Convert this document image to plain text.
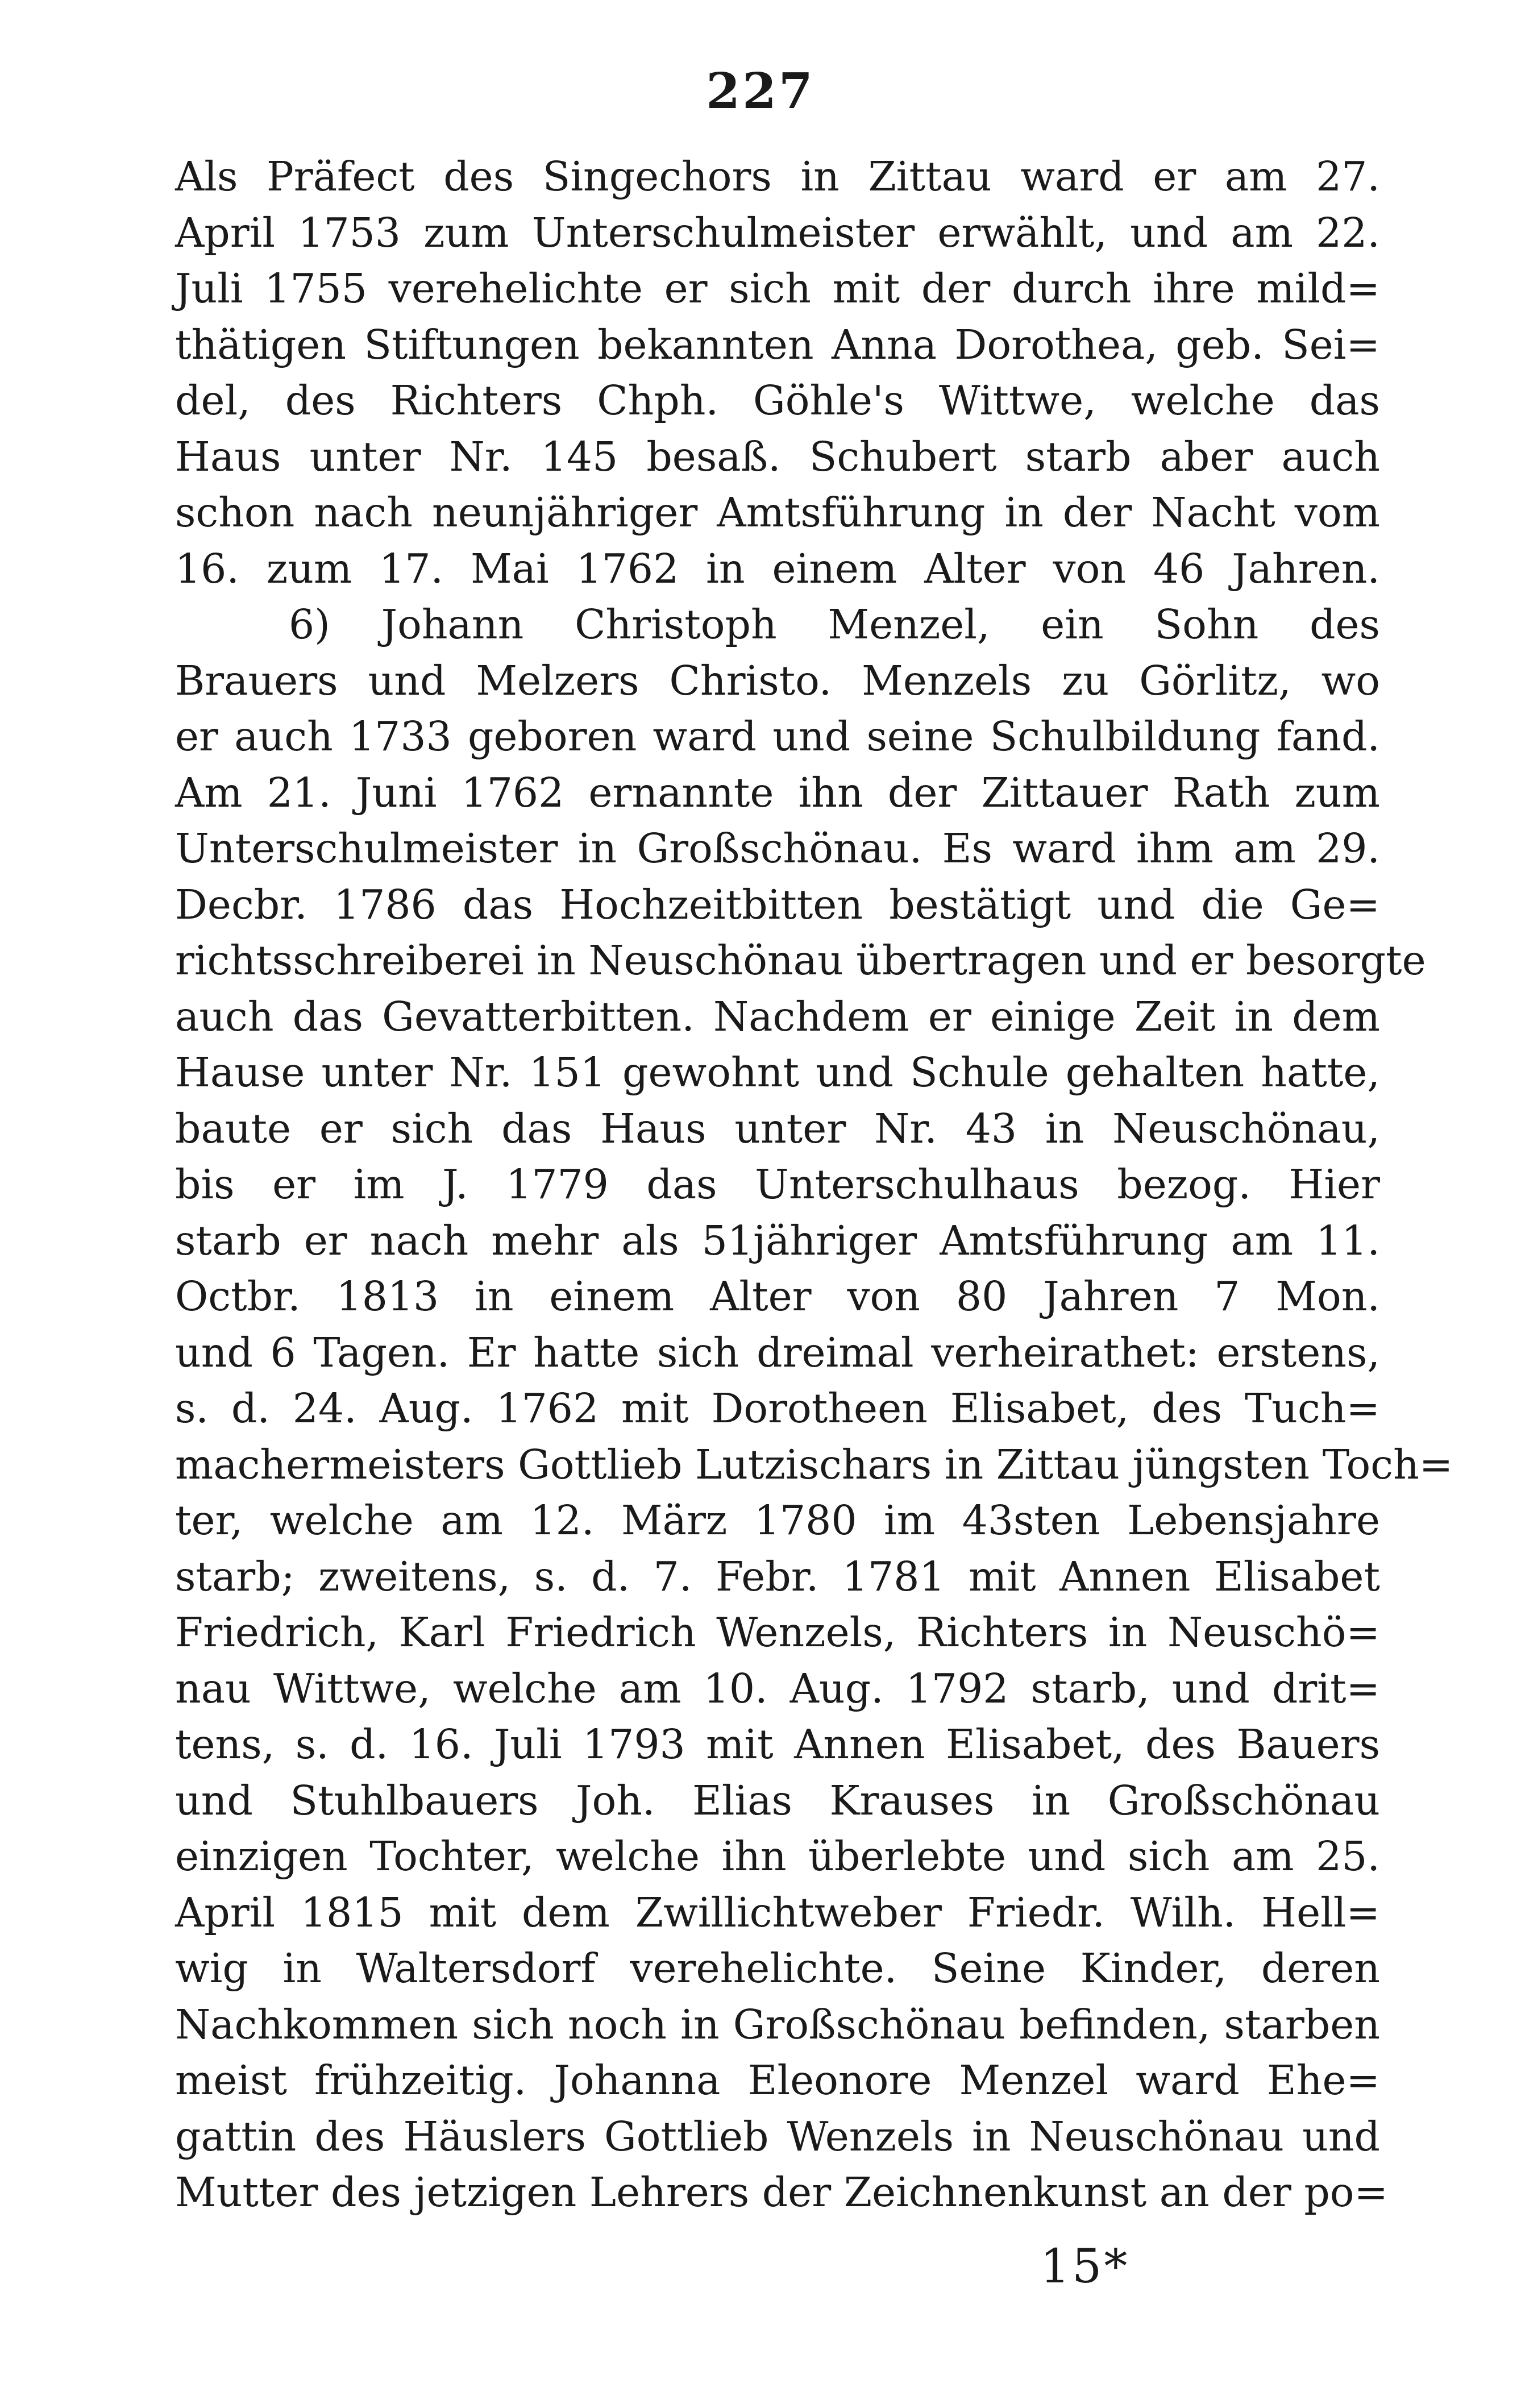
227
Als Präfect des Singechors in Zittau ward er am 27.
April 1753 zum Unterschulmeister erwählt, und am 22.
Juli 1755 verehelichte er sich mit der durch ihre mild=
thätigen Stiftungen bekannten Anna Dorothea, geb. Sei=
del, des Richters Chph. Göhle's Wittwe, welche das
Haus unter Nr. 145 besaß. Schubert starb aber auch
schon nach neunjähriger Amtsführung in der Nacht vom
16. zum 17. Mai 1762 in einem Alter von 46 Jahren.
6) Johann Christoph Menzel, ein Sohn des
Brauers und Melzers Christo. Menzels zu Görlitz, wo
er auch 1733 geboren ward und seine Schulbildung fand.
Am 21. Juni 1762 ernannte ihn der Zittauer Rath zum
Unterschulmeister in Großschönau. Es ward ihm am 29.
Decbr. 1786 das Hochzeitbitten bestätigt und die Ge=
richtsschreiberei in Neuschönau übertragen und er besorgte
auch das Gevatterbitten. Nachdem er einige Zeit in dem
Hause unter Nr. 151 gewohnt und Schule gehalten hatte,
baute er sich das Haus unter Nr. 43 in Neuschönau,
bis er im J. 1779 das Unterschulhaus bezog. Hier
starb er nach mehr als 51jähriger Amtsführung am 11.
Octbr. 1813 in einem Alter von 80 Jahren 7 Mon.
und 6 Tagen. Er hatte sich dreimal verheirathet: erstens,
s. d. 24. Aug. 1762 mit Dorotheen Elisabet, des Tuch=
machermeisters Gottlieb Lutzischars in Zittau jüngsten Toch=
ter, welche am 12. März 1780 im 43sten Lebensjahre
starb; zweitens, s. d. 7. Febr. 1781 mit Annen Elisabet
Friedrich, Karl Friedrich Wenzels, Richters in Neuschö=
nau Wittwe, welche am 10. Aug. 1792 starb, und drit=
tens, s. d. 16. Juli 1793 mit Annen Elisabet, des Bauers
und Stuhlbauers Joh. Elias Krauses in Großschönau
einzigen Tochter, welche ihn überlebte und sich am 25.
April 1815 mit dem Zwillichtweber Friedr. Wilh. Hell=
wig in Waltersdorf verehelichte. Seine Kinder, deren
Nachkommen sich noch in Großschönau befinden, starben
meist frühzeitig. Johanna Eleonore Menzel ward Ehe=
gattin des Häuslers Gottlieb Wenzels in Neuschönau und
Mutter des jetzigen Lehrers der Zeichnenkunst an der po=
15*
